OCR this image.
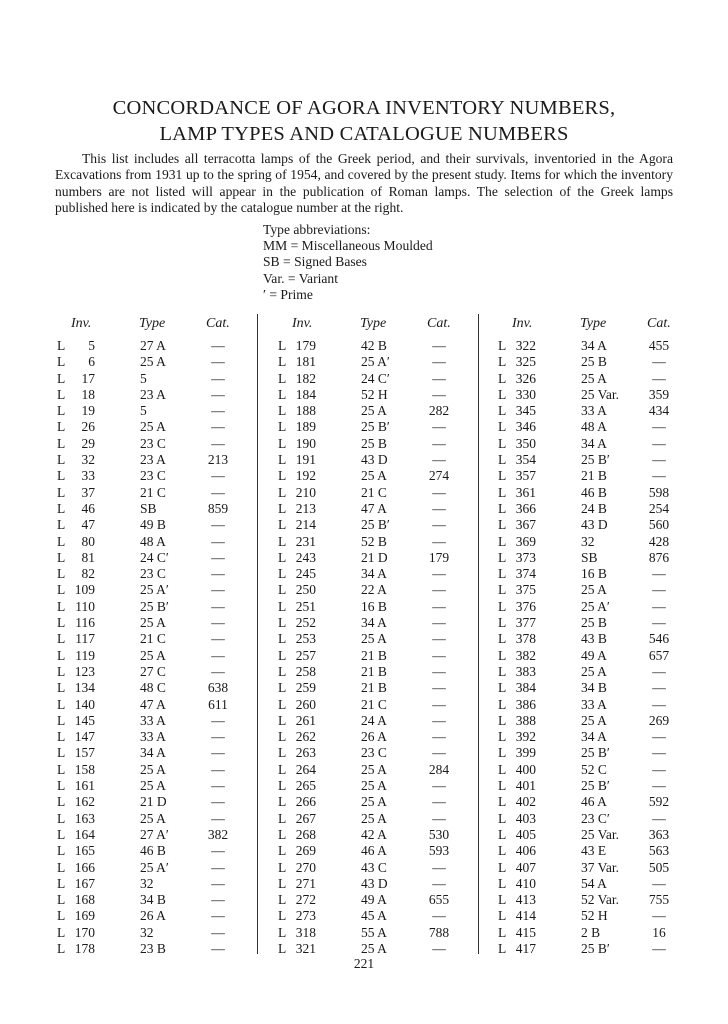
CONCORDANCE OF AGORA INVENTORY NUMBERS,
LAMP TYPES AND CATALOGUE NUMBERS

This list includes all terracotta lamps of the Greek period, and their survivals, inventoried in the Agora Excavations from 1931 up to the spring of 1954, and covered by the present study. Items for which the inventory numbers are not listed will appear in the publication of Roman lamps. The selection of the Greek lamps published here is indicated by the catalogue number at the right.

Type abbreviations:
MM = Miscellaneous Moulded
SB = Signed Bases
Var. = Variant
′ = Prime
Inv.	Type	Cat.
L	5	27 A	—
L	6	25 A	—
L	17	5	—
L	18	23 A	—
L	19	5	—
L	26	25 A	—
L	29	23 C	—
L	32	23 A	213
L	33	23 C	—
L	37	21 C	—
L	46	SB	859
L	47	49 B	—
L	80	48 A	—
L	81	24 C′	—
L	82	23 C	—
L 109	25 A′	—
L 110	25 B′	—
L 116	25 A	—
L 117	21 C	—
L 119	25 A	—
L 123	27 C	—
L 134	48 C	638
L 140	47 A	611
L 145	33 A	—
L 147	33 A	—
L 157	34 A	—
L 158	25 A	—
L 161	25 A	—
L 162	21 D	—
L 163	25 A	—
L 164	27 A′	382
L 165	46 B	—
L 166	25 A′	—
L 167	32	—
L 168	34 B	—
L 169	26 A	—
L 170	32	—
L 178	23 B	—
Inv.	Type	Cat.
L 179	42 B	—
L 181	25 A′	—
L 182	24 C′	—
L 184	52 H	—
L 188	25 A	282
L 189	25 B′	—
L 190	25 B	—
L 191	43 D	—
L 192	25 A	274
L 210	21 C	—
L 213	47 A	—
L 214	25 B′	—
L 231	52 B	—
L 243	21 D	179
L 245	34 A	—
L 250	22 A	—
L 251	16 B	—
L 252	34 A	—
L 253	25 A	—
L 257	21 B	—
L 258	21 B	—
L 259	21 B	—
L 260	21 C	—
L 261	24 A	—
L 262	26 A	—
L 263	23 C	—
L 264	25 A	284
L 265	25 A	—
L 266	25 A	—
L 267	25 A	—
L 268	42 A	530
L 269	46 A	593
L 270	43 C	—
L 271	43 D	—
L 272	49 A	655
L 273	45 A	—
L 318	55 A	788
L 321	25 A	—
Inv.	Type	Cat.
L 322	34 A	455
L 325	25 B	—
L 326	25 A	—
L 330	25 Var.	359
L 345	33 A	434
L 346	48 A	—
L 350	34 A	—
L 354	25 B′	—
L 357	21 B	—
L 361	46 B	598
L 366	24 B	254
L 367	43 D	560
L 369	32	428
L 373	SB	876
L 374	16 B	—
L 375	25 A	—
L 376	25 A′	—
L 377	25 B	—
L 378	43 B	546
L 382	49 A	657
L 383	25 A	—
L 384	34 B	—
L 386	33 A	—
L 388	25 A	269
L 392	34 A	—
L 399	25 B′	—
L 400	52 C	—
L 401	25 B′	—
L 402	46 A	592
L 403	23 C′	—
L 405	25 Var.	363
L 406	43 E	563
L 407	37 Var.	505
L 410	54 A	—
L 413	52 Var.	755
L 414	52 H	—
L 415	2 B	16
L 417	25 B′	—
221
